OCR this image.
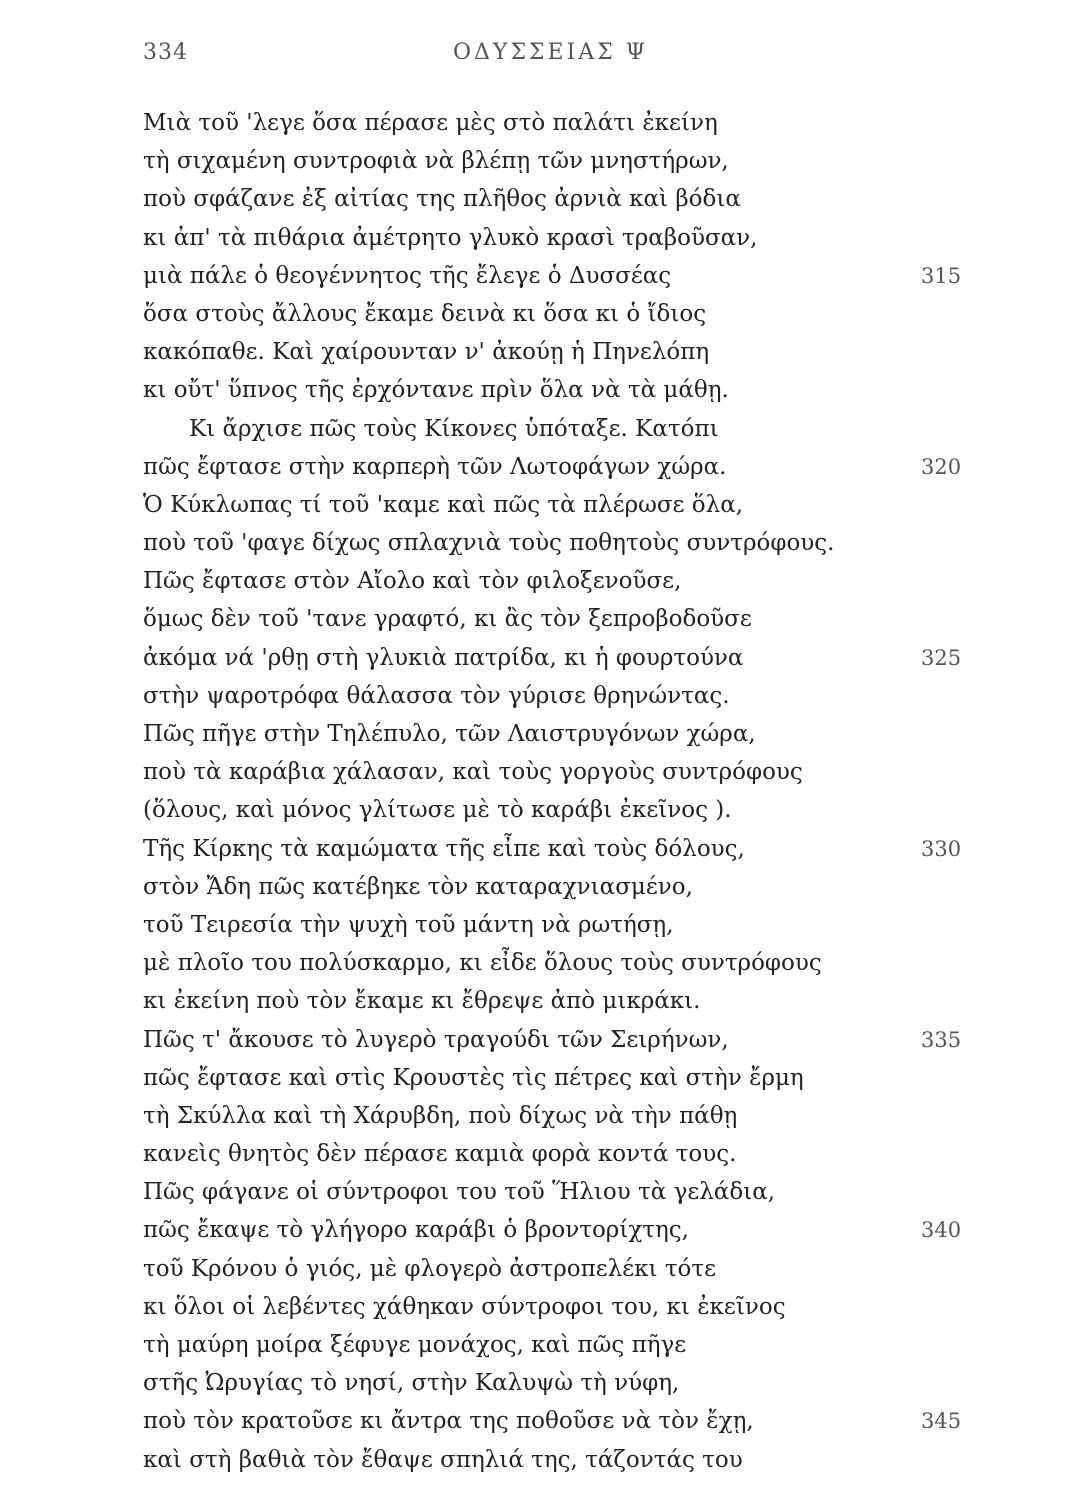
334	ΟΔΥΣΣΕΙΑΣ Ψ
Μιὰ τοῦ 'λεγε ὅσα πέρασε μὲς στὸ παλάτι ἐκείνη
τὴ σιχαμένη συντροφιὰ νὰ βλέπῃ τῶν μνηστήρων,
ποὺ σφάζανε ἐξ αἰτίας της πλῆθος ἀρνιὰ καὶ βόδια
κι ἀπ' τὰ πιθάρια ἀμέτρητο γλυκὸ κρασὶ τραβοῦσαν,
μιὰ πάλε ὁ θεογέννητος τῆς ἔλεγε ὁ Δυσσέας	315
ὅσα στοὺς ἄλλους ἔκαμε δεινὰ κι ὅσα κι ὁ ἴδιος
κακόπαθε. Καὶ χαίρουνταν ν' ἀκούῃ ἡ Πηνελόπη
κι οὔτ' ὕπνος τῆς ἐρχόντανε πρὶν ὅλα νὰ τὰ μάθῃ.
Κι ἄρχισε πῶς τοὺς Κίκονες ὑπόταξε. Κατόπι
πῶς ἔφτασε στὴν καρπερὴ τῶν Λωτοφάγων χώρα.	320
Ὁ Κύκλωπας τί τοῦ 'καμε καὶ πῶς τὰ πλέρωσε ὅλα,
ποὺ τοῦ 'φαγε δίχως σπλαχνιὰ τοὺς ποθητοὺς συντρόφους.
Πῶς ἔφτασε στὸν Αἴολο καὶ τὸν φιλοξενοῦσε,
ὅμως δὲν τοῦ 'τανε γραφτό, κι ἂς τὸν ξεπροβοδοῦσε
ἀκόμα νά 'ρθῃ στὴ γλυκιὰ πατρίδα, κι ἡ φουρτούνα	325
στὴν ψαροτρόφα θάλασσα τὸν γύρισε θρηνώντας.
Πῶς πῆγε στὴν Τηλέπυλο, τῶν Λαιστρυγόνων χώρα,
ποὺ τὰ καράβια χάλασαν, καὶ τοὺς γοργοὺς συντρόφους
(ὅλους, καὶ μόνος γλίτωσε μὲ τὸ καράβι ἐκεῖνος ).
Τῆς Κίρκης τὰ καμώματα τῆς εἶπε καὶ τοὺς δόλους,	330
στὸν Ἄδη πῶς κατέβηκε τὸν καταραχνιασμένο,
τοῦ Τειρεσία τὴν ψυχὴ τοῦ μάντη νὰ ρωτήσῃ,
μὲ πλοῖο του πολύσκαρμο, κι εἶδε ὅλους τοὺς συντρόφους
κι ἐκείνη ποὺ τὸν ἔκαμε κι ἔθρεψε ἀπὸ μικράκι.
Πῶς τ' ἄκουσε τὸ λυγερὸ τραγούδι τῶν Σειρήνων,	335
πῶς ἔφτασε καὶ στὶς Κρουστὲς τὶς πέτρες καὶ στὴν ἔρμη
τὴ Σκύλλα καὶ τὴ Χάρυβδη, ποὺ δίχως νὰ τὴν πάθῃ
κανεὶς θνητὸς δὲν πέρασε καμιὰ φορὰ κοντά τους.
Πῶς φάγανε οἱ σύντροφοι του τοῦ Ἥλιου τὰ γελάδια,
πῶς ἔκαψε τὸ γλήγορο καράβι ὁ βροντορίχτης,	340
τοῦ Κρόνου ὁ γιός, μὲ φλογερὸ ἀστροπελέκι τότε
κι ὅλοι οἱ λεβέντες χάθηκαν σύντροφοι του, κι ἐκεῖνος
τὴ μαύρη μοίρα ξέφυγε μονάχος, καὶ πῶς πῆγε
στῆς Ὠρυγίας τὸ νησί, στὴν Καλυψὼ τὴ νύφη,
ποὺ τὸν κρατοῦσε κι ἄντρα της ποθοῦσε νὰ τὸν ἔχῃ,	345
καὶ στὴ βαθιὰ τὸν ἔθαψε σπηλιά της, τάζοντάς του
